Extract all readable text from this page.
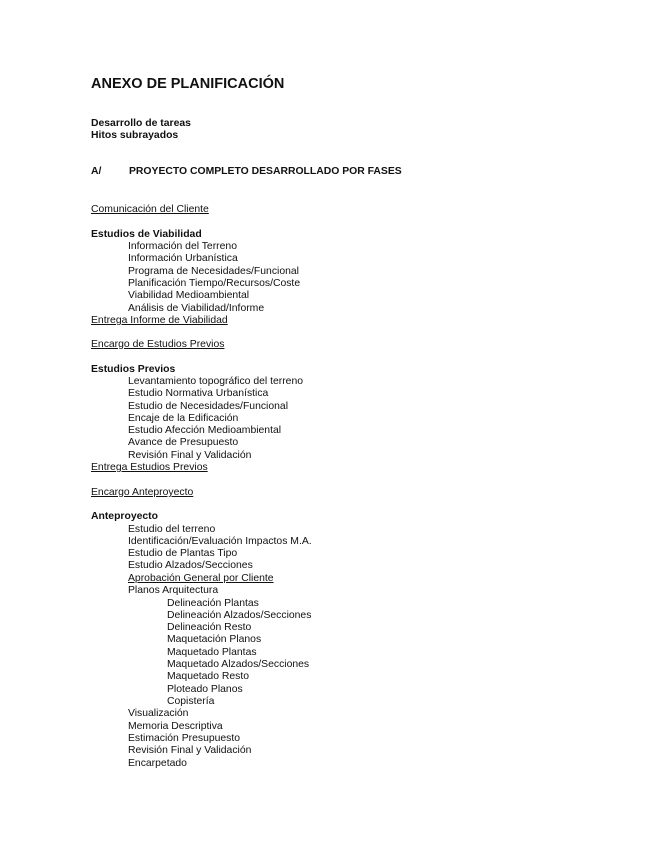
ANEXO DE PLANIFICACIÓN
Desarrollo de tareas
Hitos subrayados
A/	PROYECTO COMPLETO DESARROLLADO POR FASES
Comunicación del Cliente
Estudios de Viabilidad
Información del Terreno
Información Urbanística
Programa de Necesidades/Funcional
Planificación Tiempo/Recursos/Coste
Viabilidad Medioambiental
Análisis de Viabilidad/Informe
Entrega Informe de Viabilidad
Encargo de Estudios Previos
Estudios Previos
Levantamiento topográfico del terreno
Estudio Normativa Urbanística
Estudio de Necesidades/Funcional
Encaje de la Edificación
Estudio Afección Medioambiental
Avance de Presupuesto
Revisión Final y Validación
Entrega Estudios Previos
Encargo Anteproyecto
Anteproyecto
Estudio del terreno
Identificación/Evaluación Impactos M.A.
Estudio de Plantas Tipo
Estudio Alzados/Secciones
Aprobación General por Cliente
Planos Arquitectura
Delineación Plantas
Delineación Alzados/Secciones
Delineación Resto
Maquetación Planos
Maquetado Plantas
Maquetado Alzados/Secciones
Maquetado Resto
Ploteado Planos
Copistería
Visualización
Memoria Descriptiva
Estimación Presupuesto
Revisión Final y Validación
Encarpetado
